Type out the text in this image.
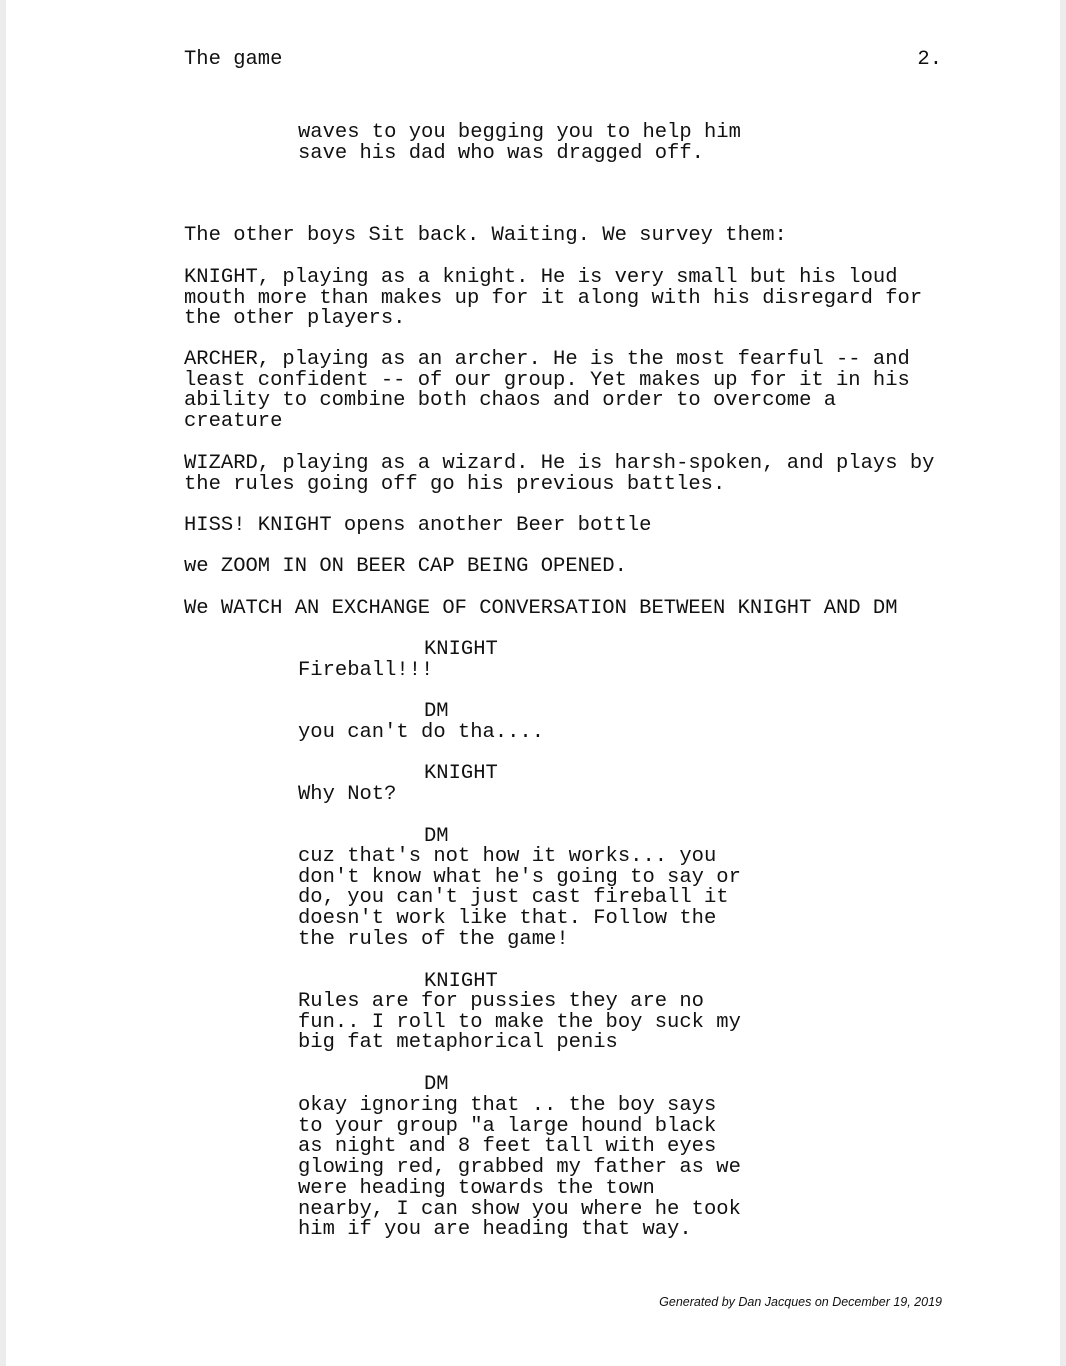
The game	2.
waves to you begging you to help him
save his dad who was dragged off.
The other boys Sit back. Waiting. We survey them:
KNIGHT, playing as a knight. He is very small but his loud
mouth more than makes up for it along with his disregard for
the other players.
ARCHER, playing as an archer. He is the most fearful -- and
least confident -- of our group. Yet makes up for it in his
ability to combine both chaos and order to overcome a
creature
WIZARD, playing as a wizard. He is harsh-spoken, and plays by
the rules going off go his previous battles.
HISS! KNIGHT opens another Beer bottle
we ZOOM IN ON BEER CAP BEING OPENED.
We WATCH AN EXCHANGE OF CONVERSATION BETWEEN KNIGHT AND DM
KNIGHT
Fireball!!!
DM
you can't do tha....
KNIGHT
Why Not?
DM
cuz that's not how it works... you
don't know what he's going to say or
do, you can't just cast fireball it
doesn't work like that. Follow the
the rules of the game!
KNIGHT
Rules are for pussies they are no
fun.. I roll to make the boy suck my
big fat metaphorical penis
DM
okay ignoring that .. the boy says
to your group "a large hound black
as night and 8 feet tall with eyes
glowing red, grabbed my father as we
were heading towards the town
nearby, I can show you where he took
him if you are heading that way.
Generated by Dan Jacques on December 19, 2019
